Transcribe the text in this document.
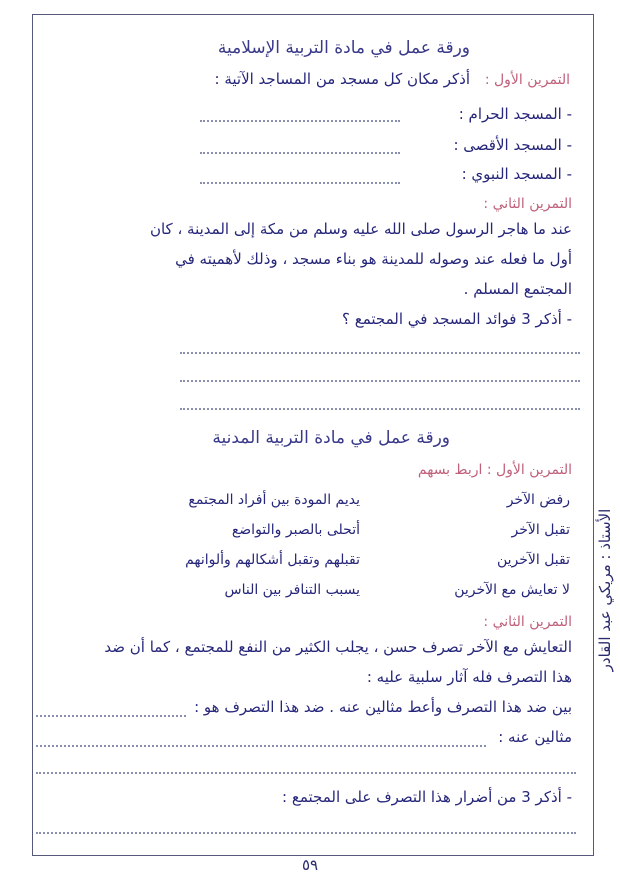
ورقة عمل في مادة التربية الإسلامية
التمرين الأول :
أذكر مكان كل مسجد من المساجد الآتية :
- المسجد الحرام :
- المسجد الأقصى :
- المسجد النبوي :
التمرين الثاني :
عند ما هاجر الرسول صلى الله عليه وسلم من مكة إلى المدينة ، كان
أول ما فعله عند وصوله للمدينة هو بناء مسجد ، وذلك لأهميته في
المجتمع المسلم .
- أذكر 3 فوائد المسجد في المجتمع ؟
ورقة عمل في مادة التربية المدنية
التمرين الأول : اربط بسهم
رفض الآخر
تقبل الآخر
تقبل الآخرين
لا تعايش مع الآخرين
يديم المودة بين أفراد المجتمع
أتحلى بالصبر والتواضع
تقبلهم وتقبل أشكالهم وألوانهم
يسبب التنافر بين الناس
التمرين الثاني :
التعايش مع الآخر تصرف حسن ، يجلب الكثير من النفع للمجتمع ، كما أن ضد
هذا التصرف فله آثار سلبية عليه :
بين ضد هذا التصرف وأعط مثالين عنه . ضد هذا التصرف هو :
مثالين عنه :
- أذكر 3 من أضرار هذا التصرف على المجتمع :
الأستاذ : مريكي عبد القادر
٥٩
